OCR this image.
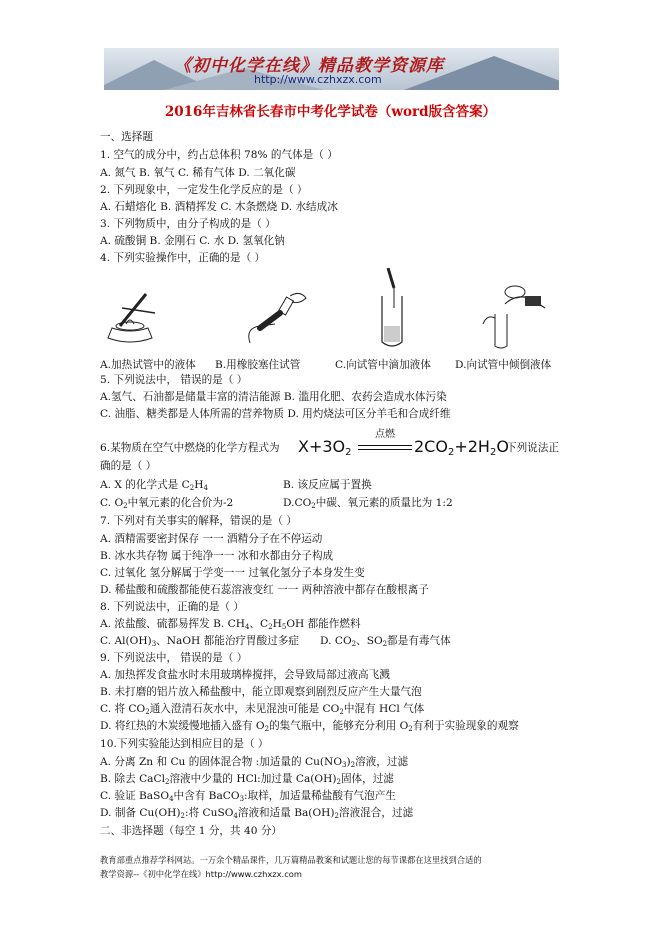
《初中化学在线》精品教学资源库
http://www.czhxzx.com
2016年吉林省长春市中考化学试卷（word版含答案）
一、选择题
1. 空气的成分中，约占总体积 78% 的气体是（ ）
A. 氮气 B. 氧气 C. 稀有气体 D. 二氧化碳
2. 下列现象中，一定发生化学反应的是（ ）
A. 石蜡熔化 B. 酒精挥发 C. 木条燃烧 D. 水结成冰
3. 下列物质中，由分子构成的是（ ）
A. 硫酸铜 B. 金刚石 C. 水 D. 氢氧化钠
4. 下列实验操作中，正确的是（ ）
A.加热试管中的液体 B.用橡胶塞住试管	C.向试管中滴加液体 D.向试管中倾倒液体
5. 下列说法中， 错误的是（ ）
A.氢气、石油都是储量丰富的清洁能源 B. 滥用化肥、农药会造成水体污染
C. 油脂、糖类都是人体所需的营养物质 D. 用灼烧法可区分羊毛和合成纤维
6.某物质在空气中燃烧的化学方程式为	下列说法正
$X+3O_2$
点燃
2CO2+2H2O
确的是（ ）
A. X 的化学式是 $C_2H_4$	B. 该反应属于置换
C. $O_2$中氧元素的化合价为-2	$D.CO_2$中碳、氧元素的质量比为 1:2
7. 下列对有关事实的解释，错误的是（ ）
A. 酒精需要密封保存 一一 酒精分子在不停运动
B. 冰水共存物 属于纯净一一 冰和水都由分子构成
C. 过氧化 氢分解属于学变一一 过氧化氢分子本身发生变
D. 稀盐酸和硫酸都能使石蕊溶液变红 一一 两种溶液中都存在酸根离子
8. 下列说法中，正确的是（ ）
A. 浓盐酸、硫都易挥发 B. $CH_4$、$C_2H_5OH$ 都能作燃料
C. $Al(OH)_3$、NaOH 都能治疗胃酸过多症 D. $CO_2$、$SO_2$都是有毒气体
9. 下列说法中， 错误的是（ ）
A. 加热挥发食盐水时未用玻璃棒搅拌，会导致局部过液高飞溅
B. 未打磨的铝片放入稀盐酸中，能立即观察到剧烈反应产生大量气泡
C. 将 $CO_2$通入澄清石灰水中，未见混浊可能是 $CO_2$中混有 HCl 气体
D. 将红热的木炭缓慢地插入盛有 $O_2$的集气瓶中，能够充分利用 $O_2$有利于实验现象的观察
10.下列实验能达到相应目的是（ ）
A. 分离 Zn 和 Cu 的固体混合物 :加适量的 $Cu(NO_3)_2$溶液，过滤
B. 除去 CaCl$_2$溶液中少量的 HCl:加过量 $Ca(OH)_2$固体，过滤
C. 验证 BaSO$_4$中含有 BaCO$_3$:取样，加适量稀盐酸有气泡产生
D. 制备 $Cu(OH)_2$:将 CuSO$_4$溶液和适量 $Ba(OH)_2$溶液混合，过滤
二、非选择题（每空 1 分，共 40 分）
教育部重点推荐学科网站。一万余个精品课件，几万篇精品教案和试题让您的每节课都在这里找到合适的
教学资源--《初中化学在线》http://www.czhxzx.com
